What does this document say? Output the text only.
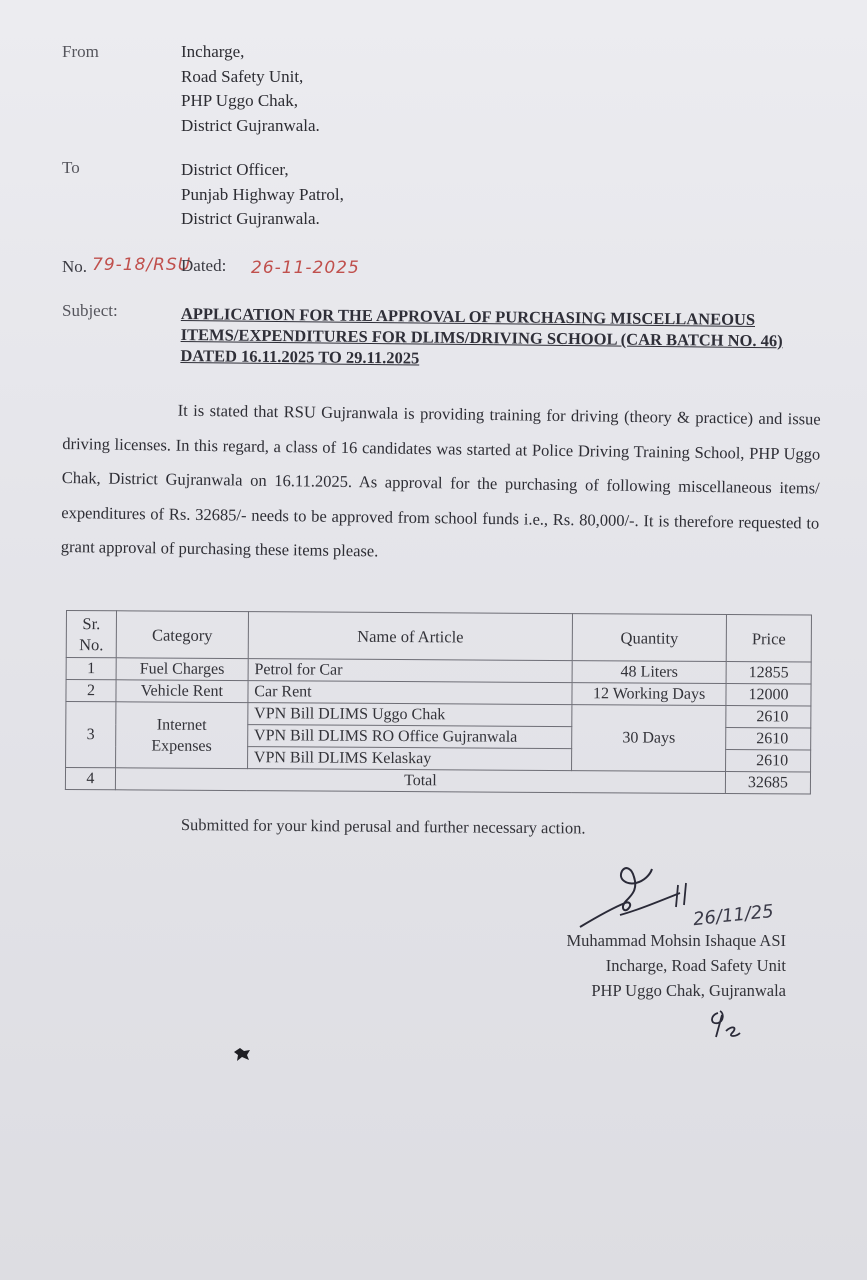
From	Incharge,
Road Safety Unit,
PHP Uggo Chak,
District Gujranwala.
To	District Officer,
Punjab Highway Patrol,
District Gujranwala.
No. 79-18/RSU
Dated: 26-11-2025
Subject:	APPLICATION FOR THE APPROVAL OF PURCHASING MISCELLANEOUS ITEMS/EXPENDITURES FOR DLIMS/DRIVING SCHOOL (CAR BATCH NO. 46) DATED 16.11.2025 TO 29.11.2025
It is stated that RSU Gujranwala is providing training for driving (theory & practice) and issue driving licenses. In this regard, a class of 16 candidates was started at Police Driving Training School, PHP Uggo Chak, District Gujranwala on 16.11.2025. As approval for the purchasing of following miscellaneous items/ expenditures of Rs. 32685/- needs to be approved from school funds i.e., Rs. 80,000/-. It is therefore requested to grant approval of purchasing these items please.
Sr. No.	Category	Name of Article	Quantity	Price
1	Fuel Charges	Petrol for Car	48 Liters	12855
2	Vehicle Rent	Car Rent	12 Working Days	12000
3	Internet Expenses	VPN Bill DLIMS Uggo Chak	30 Days	2610
		VPN Bill DLIMS RO Office Gujranwala		2610
		VPN Bill DLIMS Kelaskay		2610
4	Total			32685
Submitted for your kind perusal and further necessary action.
26/11/25
Muhammad Mohsin Ishaque ASI
Incharge, Road Safety Unit
PHP Uggo Chak, Gujranwala
